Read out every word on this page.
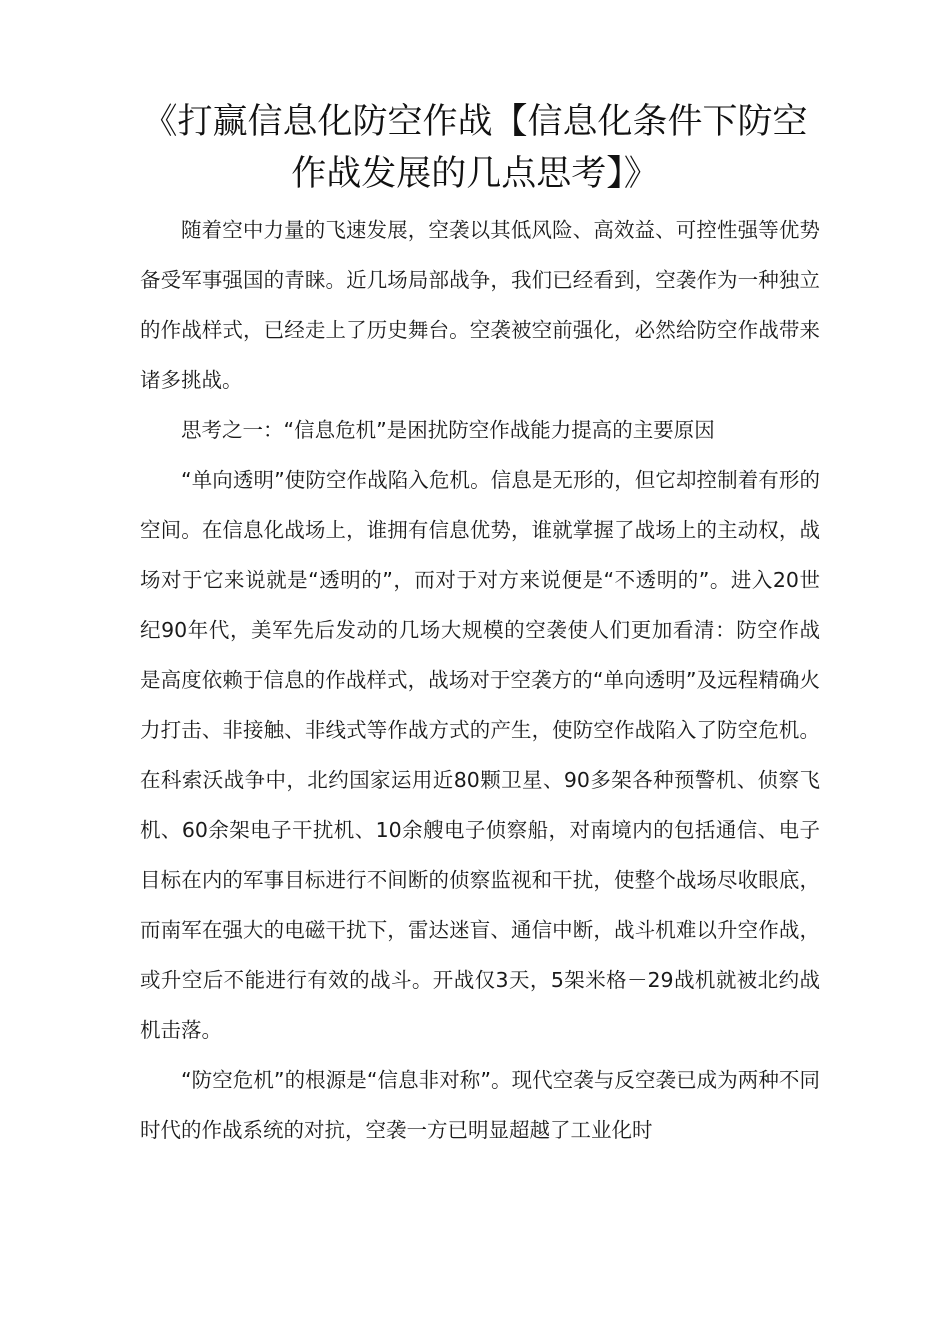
《打赢信息化防空作战【信息化条件下防空作战发展的几点思考】》

随着空中力量的飞速发展，空袭以其低风险、高效益、可控性强等优势备受军事强国的青睐。近几场局部战争，我们已经看到，空袭作为一种独立的作战样式，已经走上了历史舞台。空袭被空前强化，必然给防空作战带来诸多挑战。

思考之一：“信息危机”是困扰防空作战能力提高的主要原因

“单向透明”使防空作战陷入危机。信息是无形的，但它却控制着有形的空间。在信息化战场上，谁拥有信息优势，谁就掌握了战场上的主动权，战场对于它来说就是“透明的”，而对于对方来说便是“不透明的”。进入20世纪90年代，美军先后发动的几场大规模的空袭使人们更加看清：防空作战是高度依赖于信息的作战样式，战场对于空袭方的“单向透明”及远程精确火力打击、非接触、非线式等作战方式的产生，使防空作战陷入了防空危机。在科索沃战争中，北约国家运用近80颗卫星、90多架各种预警机、侦察飞机、60余架电子干扰机、10余艘电子侦察船，对南境内的包括通信、电子目标在内的军事目标进行不间断的侦察监视和干扰，使整个战场尽收眼底，而南军在强大的电磁干扰下，雷达迷盲、通信中断，战斗机难以升空作战，或升空后不能进行有效的战斗。开战仅3天，5架米格－29战机就被北约战机击落。

“防空危机”的根源是“信息非对称”。现代空袭与反空袭已成为两种不同时代的作战系统的对抗，空袭一方已明显超越了工业化时
